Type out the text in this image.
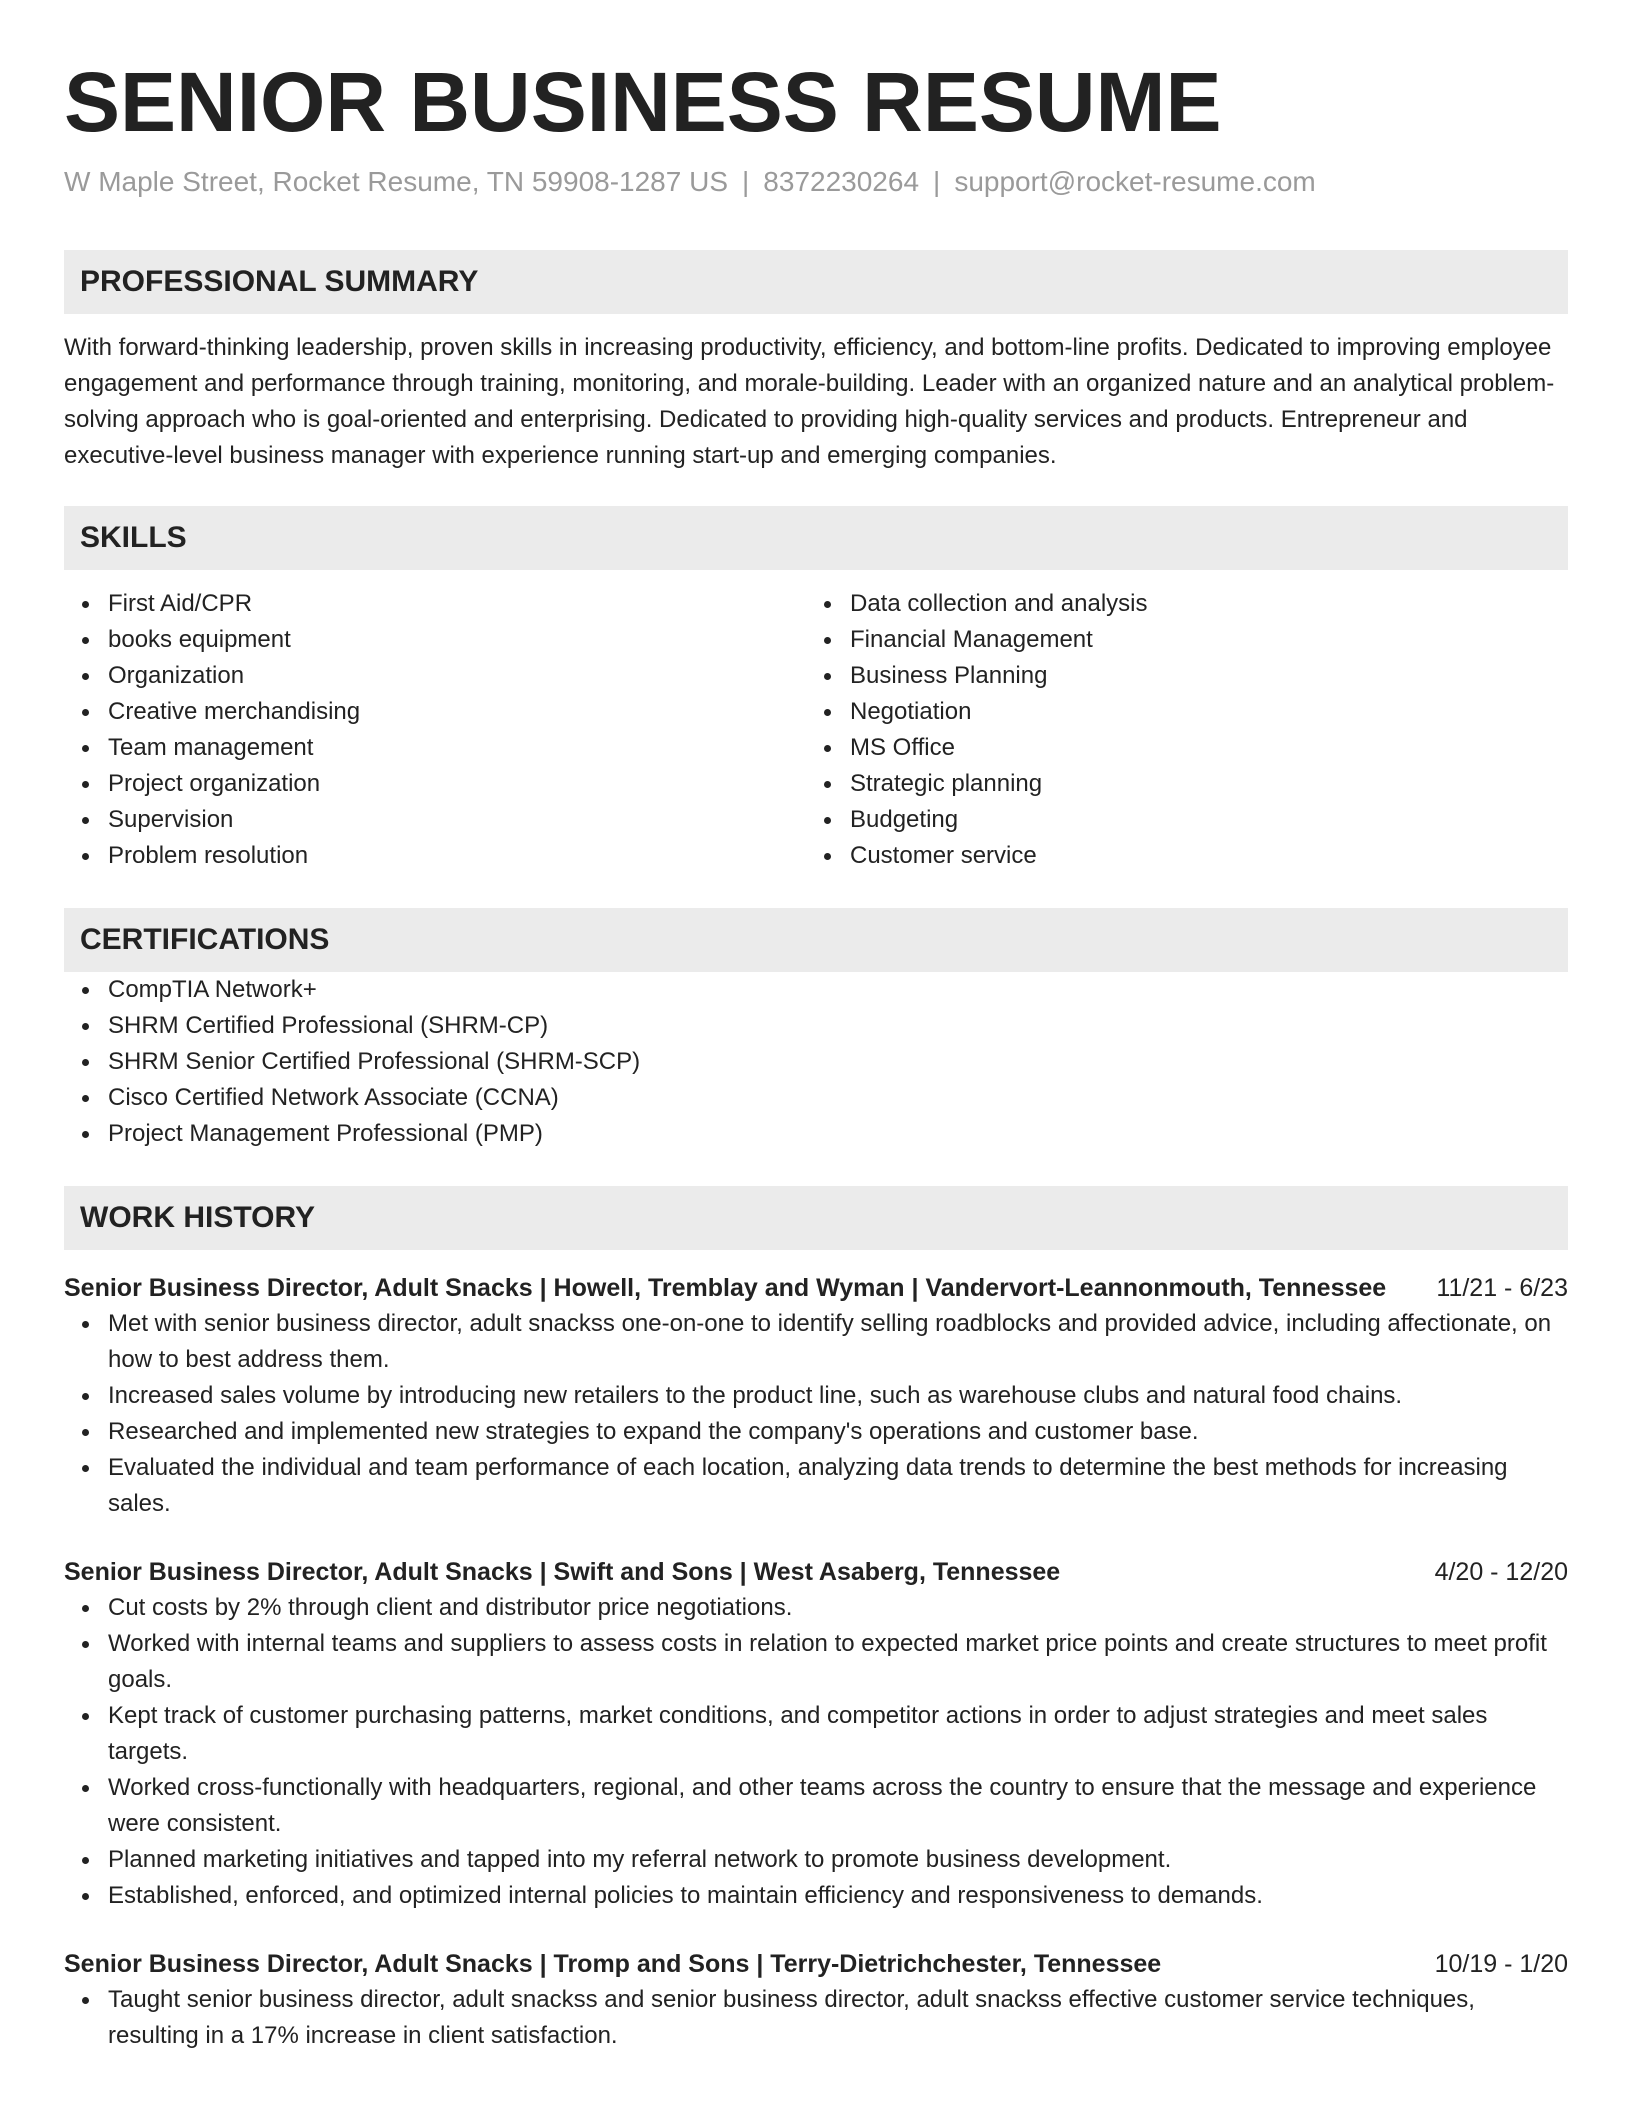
SENIOR BUSINESS RESUME
W Maple Street, Rocket Resume, TN 59908-1287 US | 8372230264 | support@rocket-resume.com
PROFESSIONAL SUMMARY
With forward-thinking leadership, proven skills in increasing productivity, efficiency, and bottom-line profits. Dedicated to improving employee engagement and performance through training, monitoring, and morale-building. Leader with an organized nature and an analytical problem-solving approach who is goal-oriented and enterprising. Dedicated to providing high-quality services and products. Entrepreneur and executive-level business manager with experience running start-up and emerging companies.
SKILLS
First Aid/CPR
books equipment
Organization
Creative merchandising
Team management
Project organization
Supervision
Problem resolution
Data collection and analysis
Financial Management
Business Planning
Negotiation
MS Office
Strategic planning
Budgeting
Customer service
CERTIFICATIONS
CompTIA Network+
SHRM Certified Professional (SHRM-CP)
SHRM Senior Certified Professional (SHRM-SCP)
Cisco Certified Network Associate (CCNA)
Project Management Professional (PMP)
WORK HISTORY
Senior Business Director, Adult Snacks | Howell, Tremblay and Wyman | Vandervort-Leannonmouth, Tennessee 11/21 - 6/23
Met with senior business director, adult snackss one-on-one to identify selling roadblocks and provided advice, including affectionate, on how to best address them.
Increased sales volume by introducing new retailers to the product line, such as warehouse clubs and natural food chains.
Researched and implemented new strategies to expand the company's operations and customer base.
Evaluated the individual and team performance of each location, analyzing data trends to determine the best methods for increasing sales.
Senior Business Director, Adult Snacks | Swift and Sons | West Asaberg, Tennessee	4/20 - 12/20
Cut costs by 2% through client and distributor price negotiations.
Worked with internal teams and suppliers to assess costs in relation to expected market price points and create structures to meet profit goals.
Kept track of customer purchasing patterns, market conditions, and competitor actions in order to adjust strategies and meet sales targets.
Worked cross-functionally with headquarters, regional, and other teams across the country to ensure that the message and experience were consistent.
Planned marketing initiatives and tapped into my referral network to promote business development.
Established, enforced, and optimized internal policies to maintain efficiency and responsiveness to demands.
Senior Business Director, Adult Snacks | Tromp and Sons | Terry-Dietrichchester, Tennessee	10/19 - 1/20
Taught senior business director, adult snackss and senior business director, adult snackss effective customer service techniques, resulting in a 17% increase in client satisfaction.
